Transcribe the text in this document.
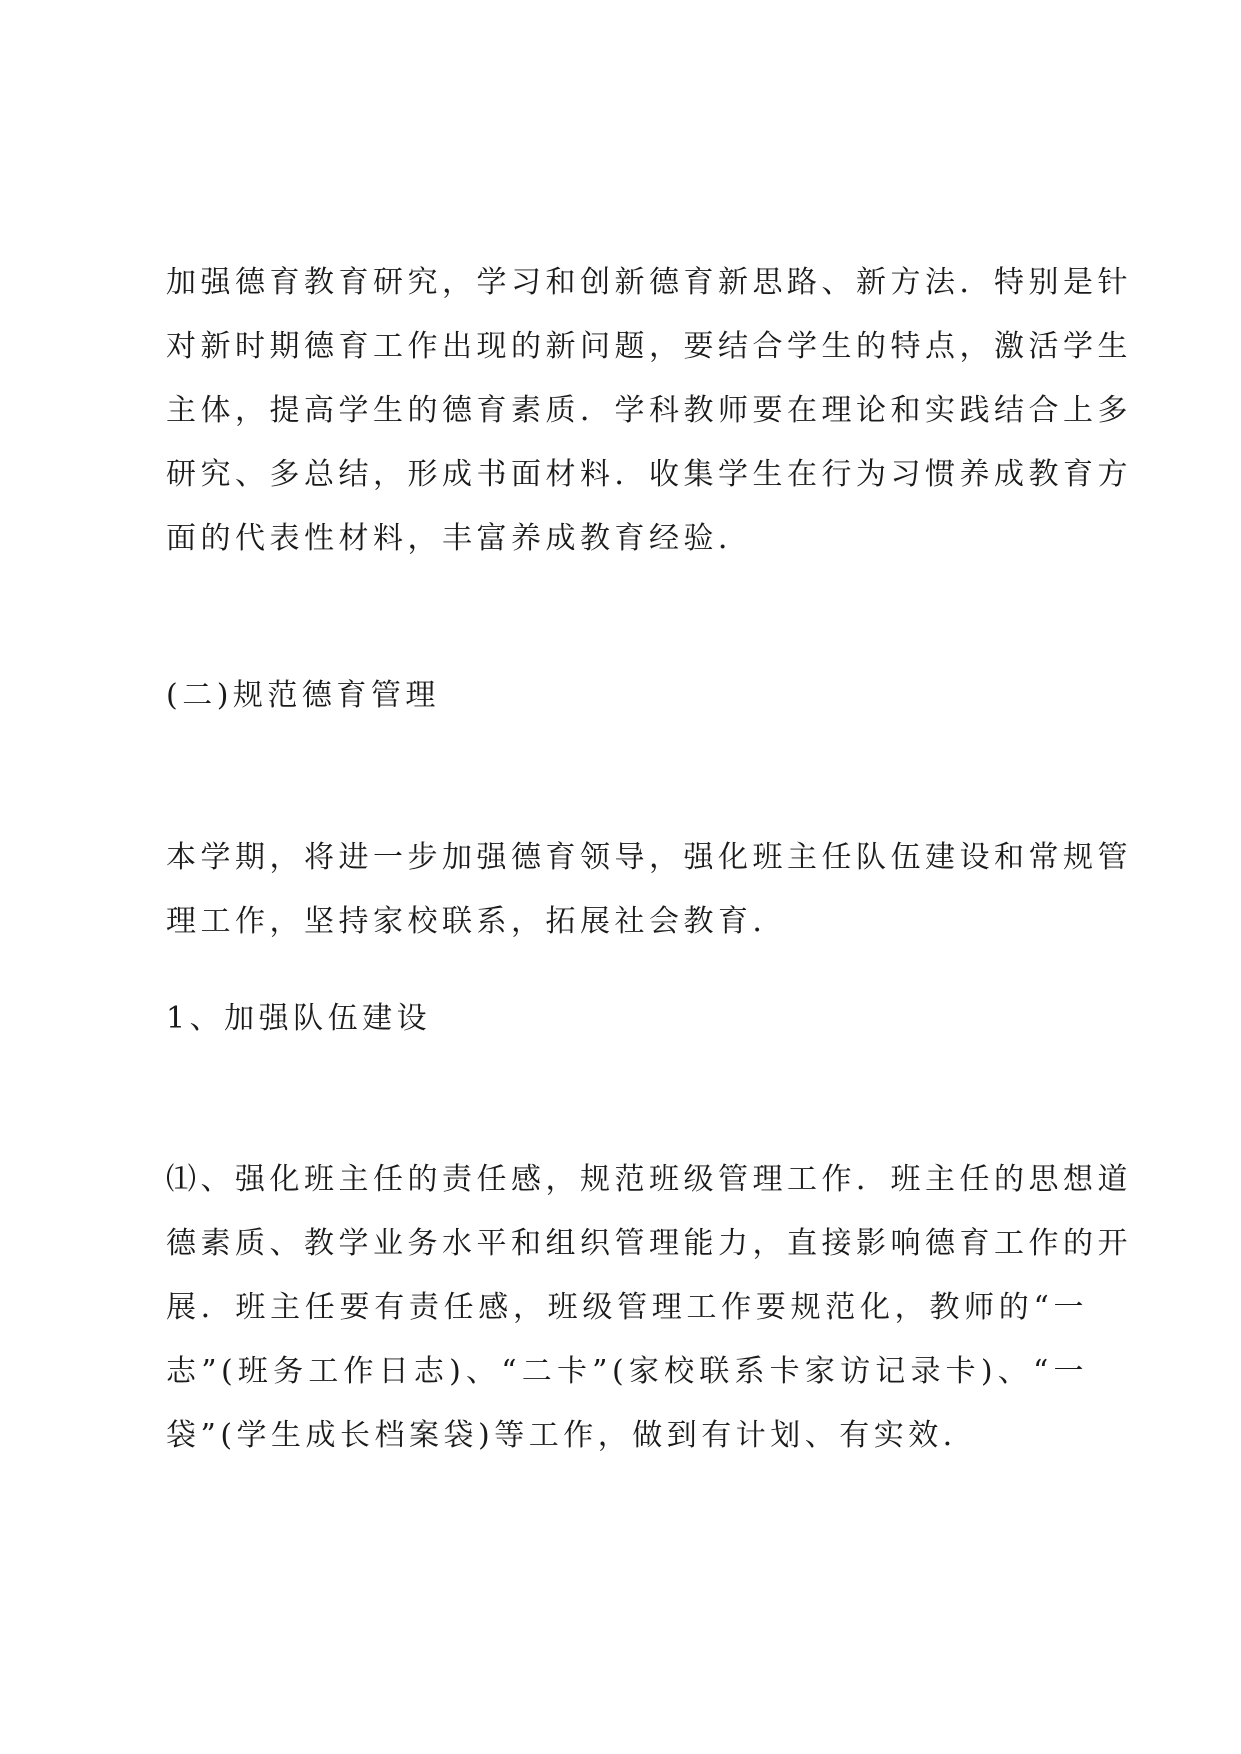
加强德育教育研究，学习和创新德育新思路、新方法．特别是针
对新时期德育工作出现的新问题，要结合学生的特点，激活学生
主体，提高学生的德育素质．学科教师要在理论和实践结合上多
研究、多总结，形成书面材料．收集学生在行为习惯养成教育方
面的代表性材料，丰富养成教育经验．
(二)规范德育管理
本学期，将进一步加强德育领导，强化班主任队伍建设和常规管
理工作，坚持家校联系，拓展社会教育．
1、加强队伍建设
⑴、强化班主任的责任感，规范班级管理工作．班主任的思想道
德素质、教学业务水平和组织管理能力，直接影响德育工作的开
展．班主任要有责任感，班级管理工作要规范化，教师的“一
志”(班务工作日志)、“二卡”(家校联系卡家访记录卡)、“一
袋”(学生成长档案袋)等工作，做到有计划、有实效．
